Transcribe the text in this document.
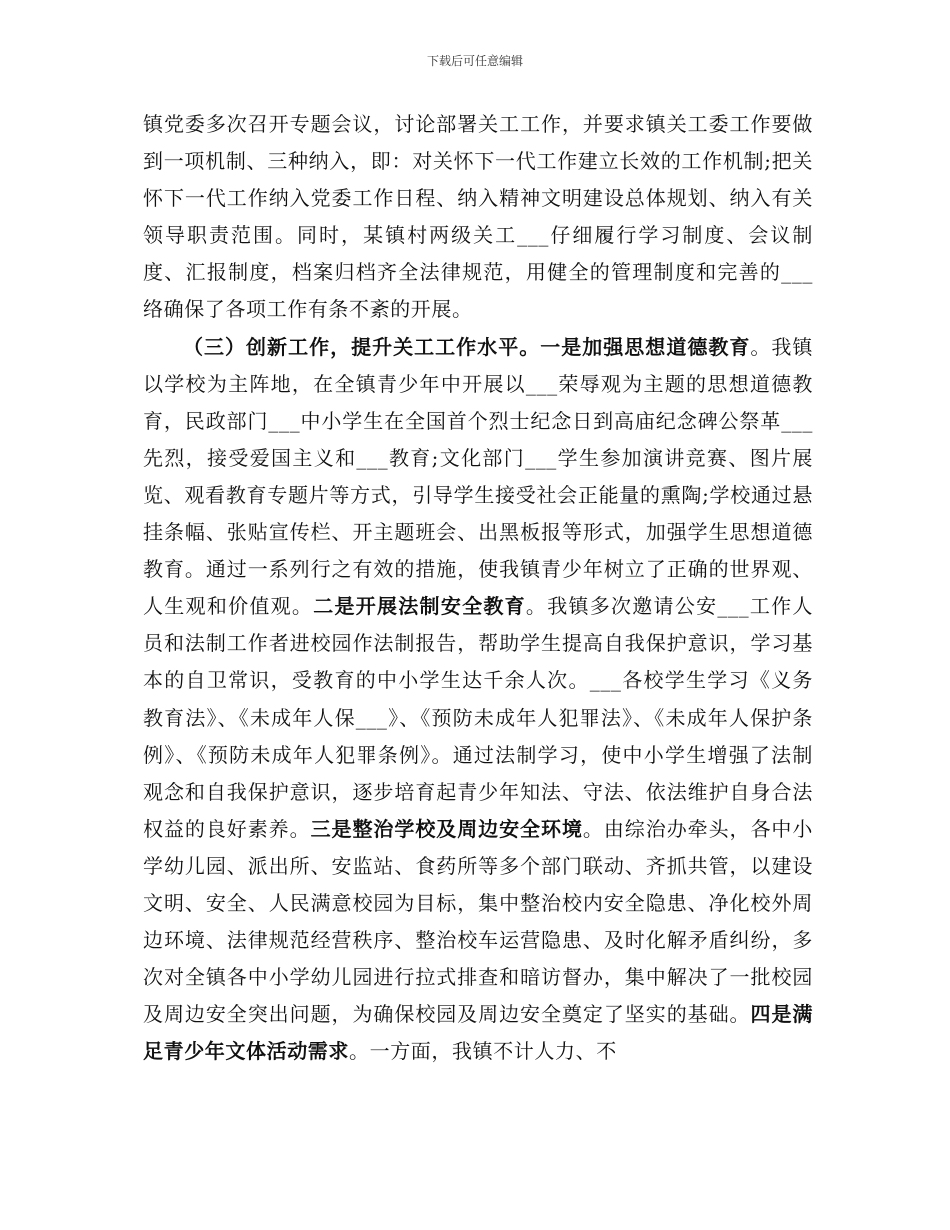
下载后可任意编辑

镇党委多次召开专题会议，讨论部署关工工作，并要求镇关工委工作要做到一项机制、三种纳入，即：对关怀下一代工作建立长效的工作机制;把关怀下一代工作纳入党委工作日程、纳入精神文明建设总体规划、纳入有关领导职责范围。同时，某镇村两级关工___仔细履行学习制度、会议制度、汇报制度，档案归档齐全法律规范，用健全的管理制度和完善的___络确保了各项工作有条不紊的开展。

（三）创新工作，提升关工工作水平。一是加强思想道德教育。我镇以学校为主阵地，在全镇青少年中开展以___荣辱观为主题的思想道德教育，民政部门___中小学生在全国首个烈士纪念日到高庙纪念碑公祭革___先烈，接受爱国主义和___教育;文化部门___学生参加演讲竞赛、图片展览、观看教育专题片等方式，引导学生接受社会正能量的熏陶;学校通过悬挂条幅、张贴宣传栏、开主题班会、出黑板报等形式，加强学生思想道德教育。通过一系列行之有效的措施，使我镇青少年树立了正确的世界观、人生观和价值观。二是开展法制安全教育。我镇多次邀请公安___工作人员和法制工作者进校园作法制报告，帮助学生提高自我保护意识，学习基本的自卫常识，受教育的中小学生达千余人次。___各校学生学习《义务教育法》、《未成年人保___》、《预防未成年人犯罪法》、《未成年人保护条例》、《预防未成年人犯罪条例》。通过法制学习，使中小学生增强了法制观念和自我保护意识，逐步培育起青少年知法、守法、依法维护自身合法权益的良好素养。三是整治学校及周边安全环境。由综治办牵头，各中小学幼儿园、派出所、安监站、食药所等多个部门联动、齐抓共管，以建设文明、安全、人民满意校园为目标，集中整治校内安全隐患、净化校外周边环境、法律规范经营秩序、整治校车运营隐患、及时化解矛盾纠纷，多次对全镇各中小学幼儿园进行拉式排查和暗访督办，集中解决了一批校园及周边安全突出问题，为确保校园及周边安全奠定了坚实的基础。四是满足青少年文体活动需求。一方面，我镇不计人力、不
